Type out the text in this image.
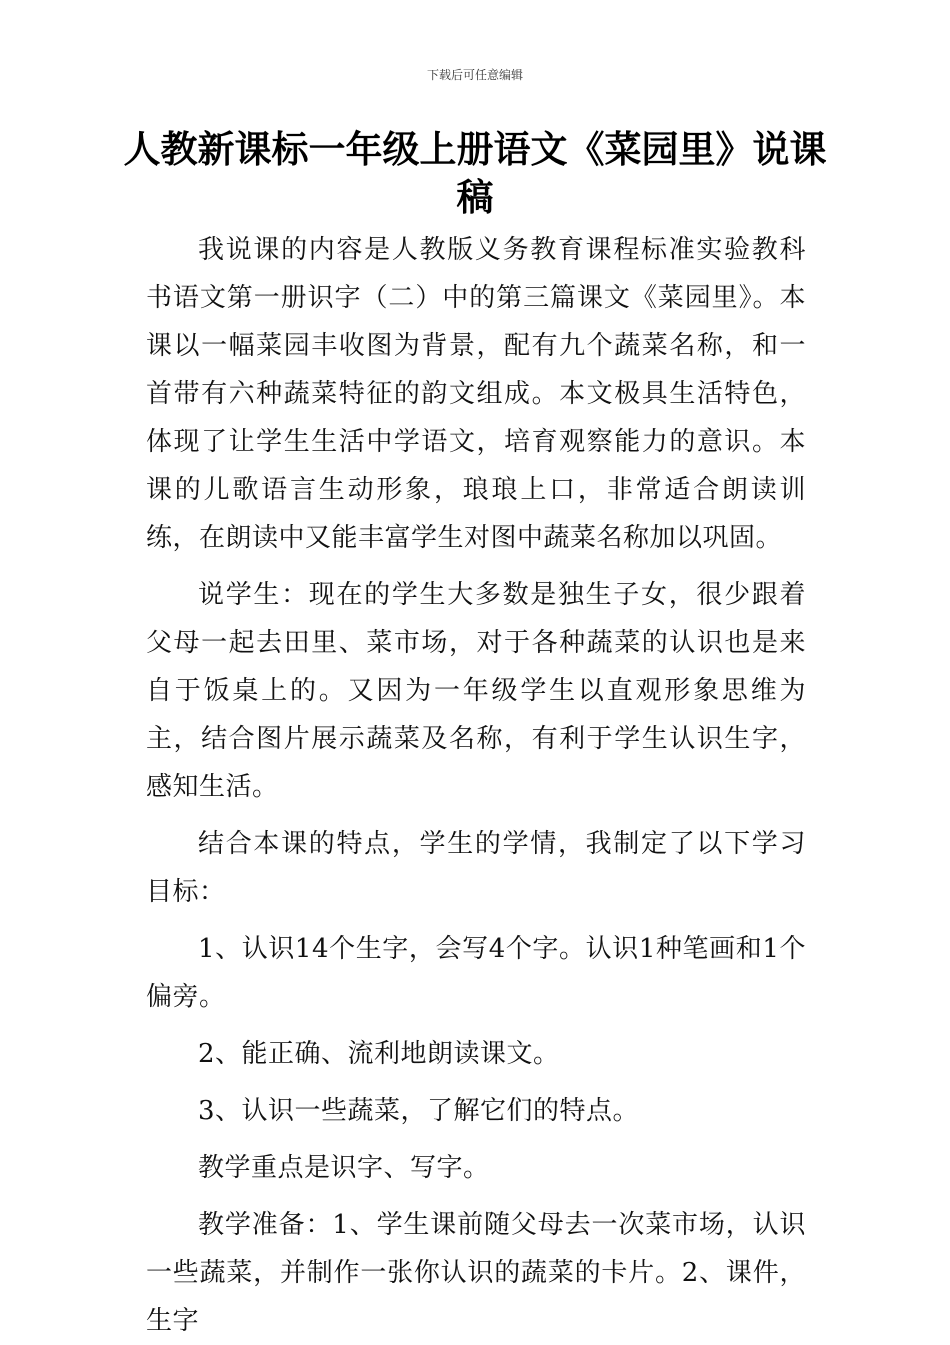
下载后可任意编辑
人教新课标一年级上册语文《菜园里》说课稿

我说课的内容是人教版义务教育课程标准实验教科书语文第一册识字（二）中的第三篇课文《菜园里》。本课以一幅菜园丰收图为背景，配有九个蔬菜名称，和一首带有六种蔬菜特征的韵文组成。本文极具生活特色，体现了让学生生活中学语文，培育观察能力的意识。本课的儿歌语言生动形象，琅琅上口，非常适合朗读训练，在朗读中又能丰富学生对图中蔬菜名称加以巩固。

说学生：现在的学生大多数是独生子女，很少跟着父母一起去田里、菜市场，对于各种蔬菜的认识也是来自于饭桌上的。又因为一年级学生以直观形象思维为主，结合图片展示蔬菜及名称，有利于学生认识生字，感知生活。

结合本课的特点，学生的学情，我制定了以下学习目标：

1、认识14个生字，会写4个字。认识1种笔画和1个偏旁。

2、能正确、流利地朗读课文。

3、认识一些蔬菜，了解它们的特点。

教学重点是识字、写字。

教学准备：1、学生课前随父母去一次菜市场，认识一些蔬菜，并制作一张你认识的蔬菜的卡片。2、课件，生字
